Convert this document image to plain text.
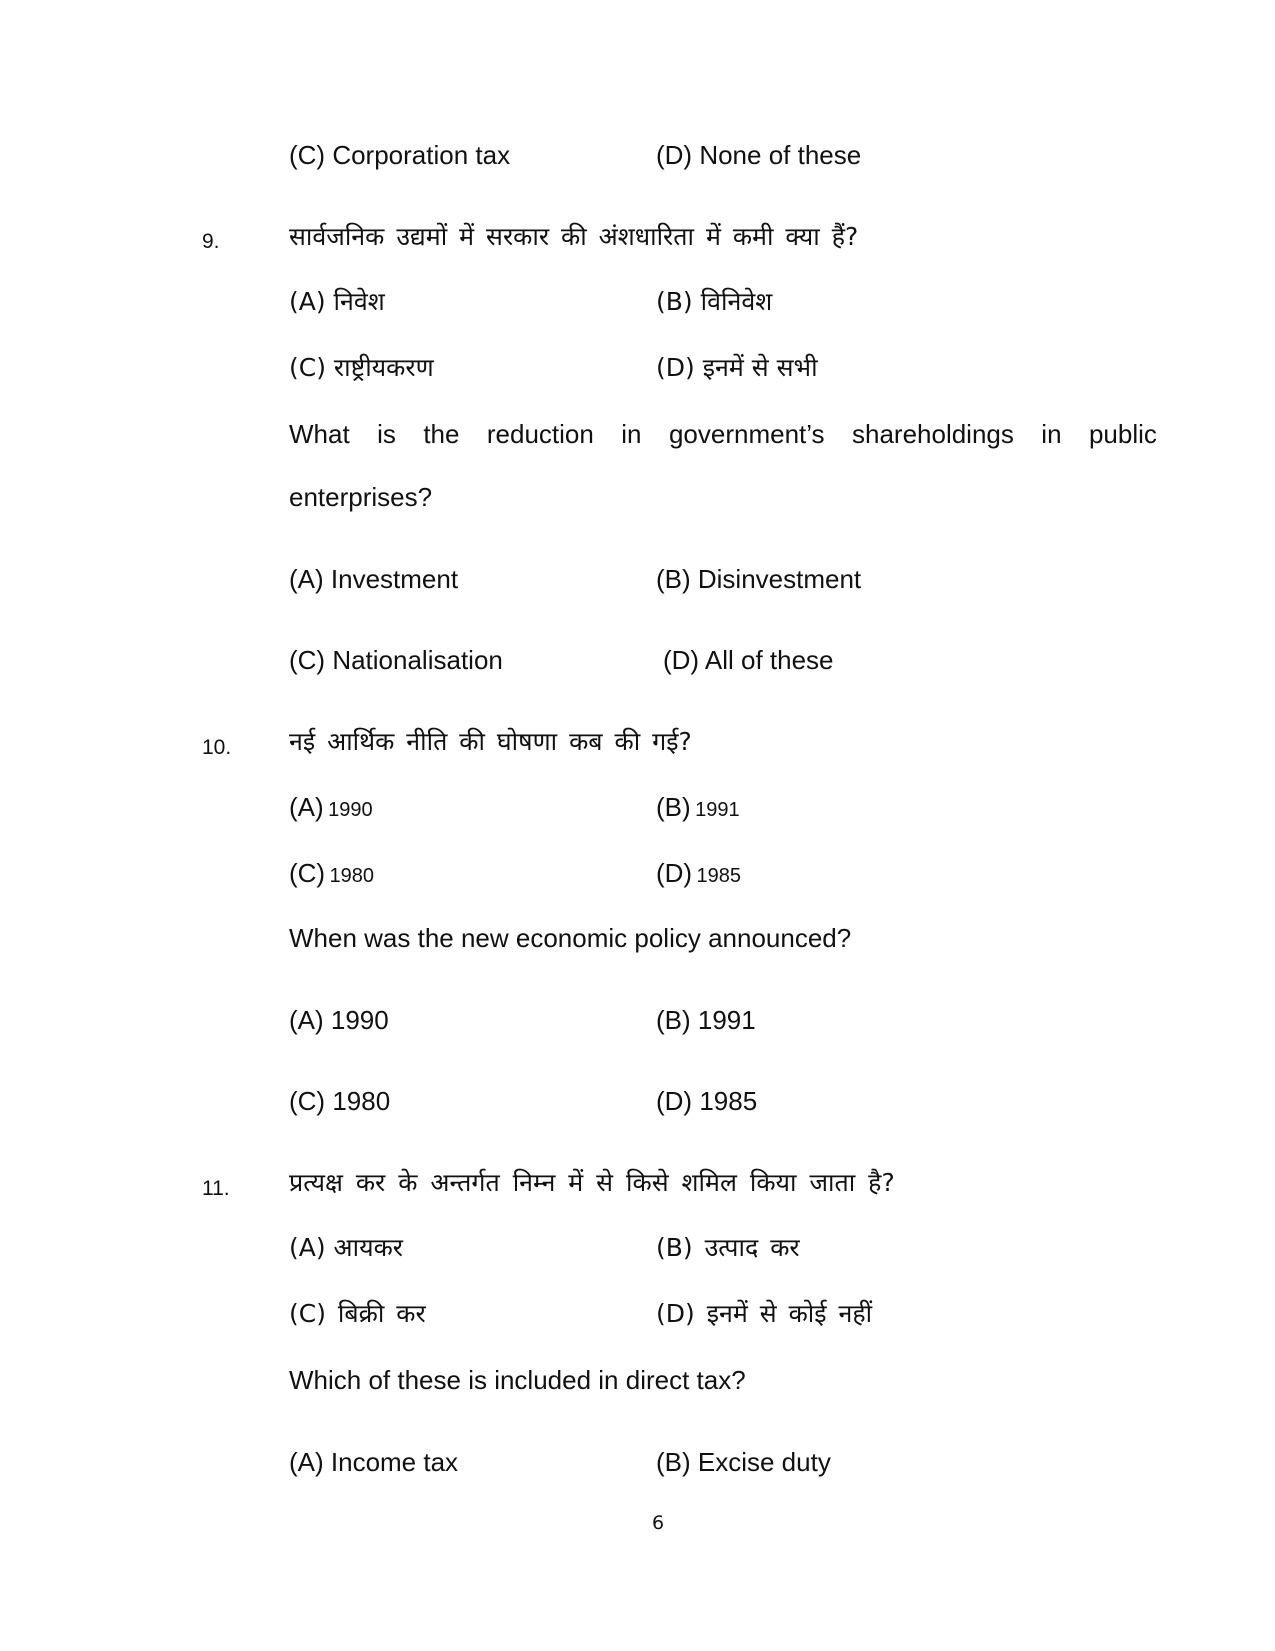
(C) Corporation tax	(D) None of these
9.	सार्वजनिक उद्यमों में सरकार की अंशधारिता में कमी क्या हैं?
(A) निवेश	(B) विनिवेश
(C) राष्ट्रीयकरण	(D) इनमें से सभी
What is the reduction in government’s shareholdings in public
enterprises?
(A) Investment	(B) Disinvestment
(C) Nationalisation	(D) All of these
10. नई आर्थिक नीति की घोषणा कब की गई?
(A) 1990	(B) 1991
(C) 1980	(D) 1985
When was the new economic policy announced?
(A) 1990	(B) 1991
(C) 1980	(D) 1985
11. प्रत्यक्ष कर के अन्तर्गत निम्न में से किसे शमिल किया जाता है?
(A) आयकर	(B) उत्पाद कर
(C) बिक्री कर	(D) इनमें से कोई नहीं
Which of these is included in direct tax?
(A) Income tax	(B) Excise duty
6
